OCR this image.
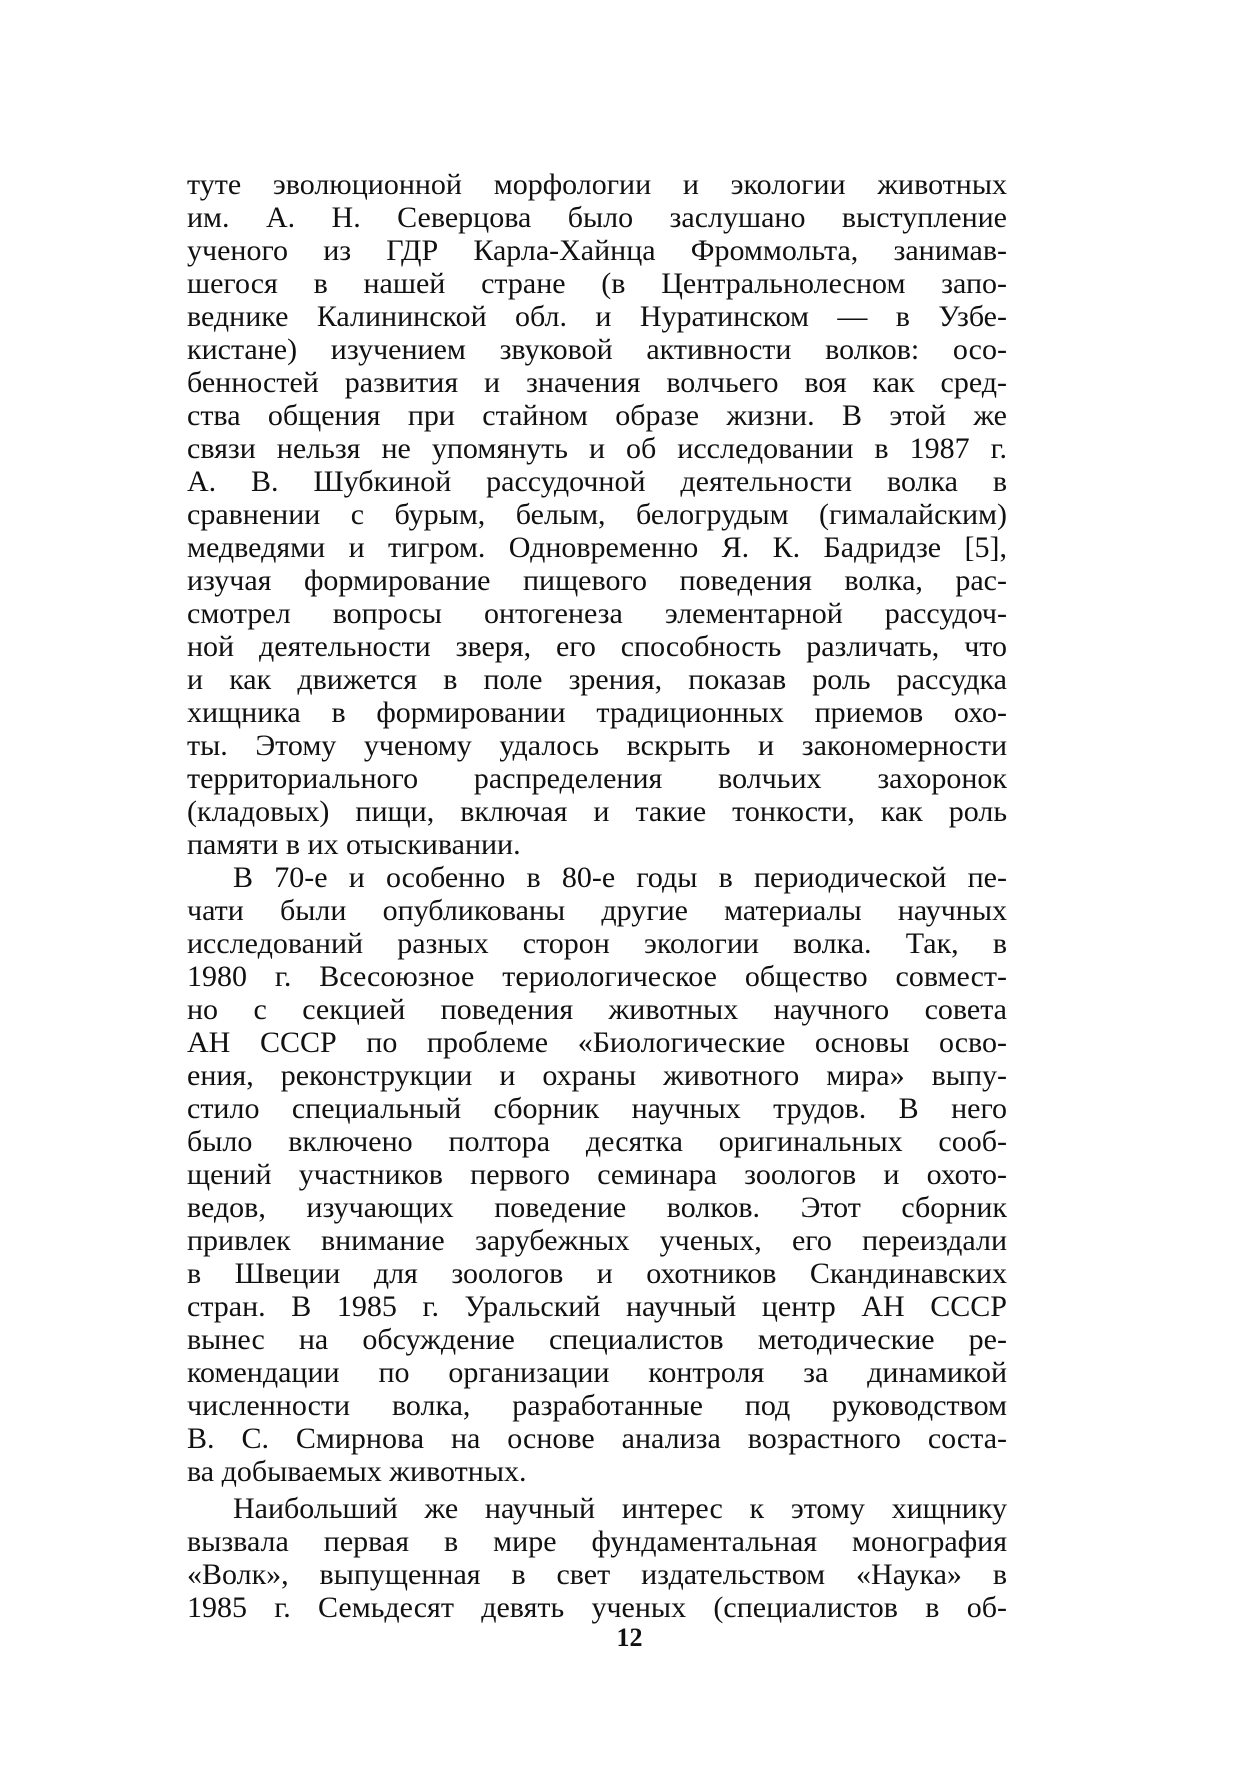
туте эволюционной морфологии и экологии животных
им. А. Н. Северцова было заслушано выступление
ученого из ГДР Карла-Хайнца Фроммольта, занимав-
шегося в нашей стране (в Центральнолесном запо-
веднике Калининской обл. и Нуратинском — в Узбе-
кистане) изучением звуковой активности волков: осо-
бенностей развития и значения волчьего воя как сред-
ства общения при стайном образе жизни. В этой же
связи нельзя не упомянуть и об исследовании в 1987 г.
А. В. Шубкиной рассудочной деятельности волка в
сравнении с бурым, белым, белогрудым (гималайским)
медведями и тигром. Одновременно Я. К. Бадридзе [5],
изучая формирование пищевого поведения волка, рас-
смотрел вопросы онтогенеза элементарной рассудоч-
ной деятельности зверя, его способность различать, что
и как движется в поле зрения, показав роль рассудка
хищника в формировании традиционных приемов охо-
ты. Этому ученому удалось вскрыть и закономерности
территориального распределения волчьих захоронок
(кладовых) пищи, включая и такие тонкости, как роль
памяти в их отыскивании.
В 70-е и особенно в 80-е годы в периодической пе-
чати были опубликованы другие материалы научных
исследований разных сторон экологии волка. Так, в
1980 г. Всесоюзное териологическое общество совмест-
но с секцией поведения животных научного совета
АН СССР по проблеме «Биологические основы осво-
ения, реконструкции и охраны животного мира» выпу-
стило специальный сборник научных трудов. В него
было включено полтора десятка оригинальных сооб-
щений участников первого семинара зоологов и охото-
ведов, изучающих поведение волков. Этот сборник
привлек внимание зарубежных ученых, его переиздали
в Швеции для зоологов и охотников Скандинавских
стран. В 1985 г. Уральский научный центр АН СССР
вынес на обсуждение специалистов методические ре-
комендации по организации контроля за динамикой
численности волка, разработанные под руководством
В. С. Смирнова на основе анализа возрастного соста-
ва добываемых животных.
Наибольший же научный интерес к этому хищнику
вызвала первая в мире фундаментальная монография
«Волк», выпущенная в свет издательством «Наука» в
1985 г. Семьдесят девять ученых (специалистов в об-
12
